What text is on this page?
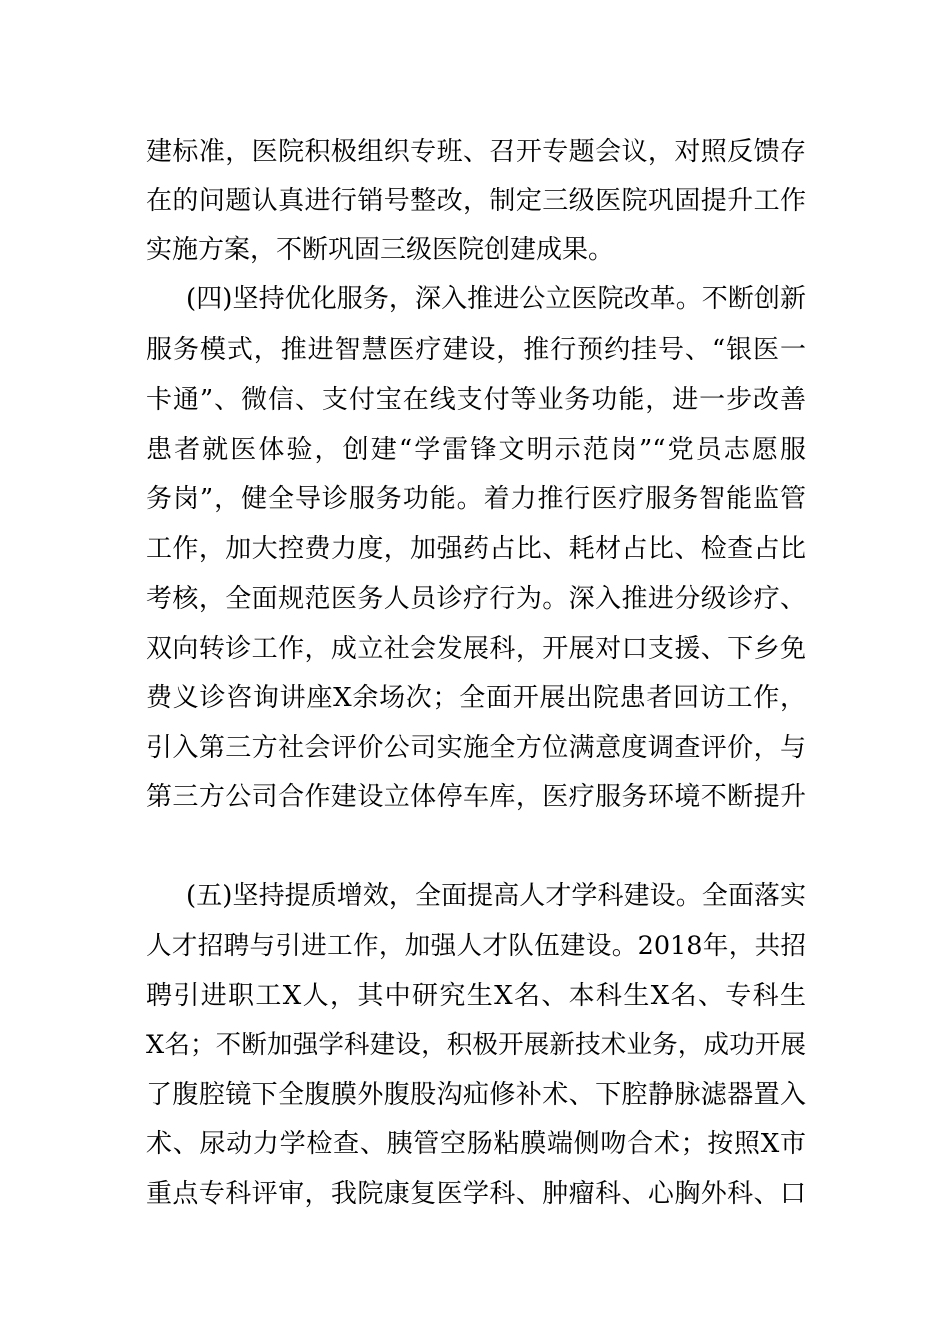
建标准，医院积极组织专班、召开专题会议，对照反馈存
在的问题认真进行销号整改，制定三级医院巩固提升工作
实施方案，不断巩固三级医院创建成果。
(四)坚持优化服务，深入推进公立医院改革。不断创新
服务模式，推进智慧医疗建设，推行预约挂号、“银医一
卡通”、微信、支付宝在线支付等业务功能，进一步改善
患者就医体验，创建“学雷锋文明示范岗”“党员志愿服
务岗”，健全导诊服务功能。着力推行医疗服务智能监管
工作，加大控费力度，加强药占比、耗材占比、检查占比
考核，全面规范医务人员诊疗行为。深入推进分级诊疗、
双向转诊工作，成立社会发展科，开展对口支援、下乡免
费义诊咨询讲座X余场次；全面开展出院患者回访工作，
引入第三方社会评价公司实施全方位满意度调查评价，与
第三方公司合作建设立体停车库，医疗服务环境不断提升
(五)坚持提质增效，全面提高人才学科建设。全面落实
人才招聘与引进工作，加强人才队伍建设。2018年，共招
聘引进职工X人，其中研究生X名、本科生X名、专科生
X名；不断加强学科建设，积极开展新技术业务，成功开展
了腹腔镜下全腹膜外腹股沟疝修补术、下腔静脉滤器置入
术、尿动力学检查、胰管空肠粘膜端侧吻合术；按照X市
重点专科评审，我院康复医学科、肿瘤科、心胸外科、口
